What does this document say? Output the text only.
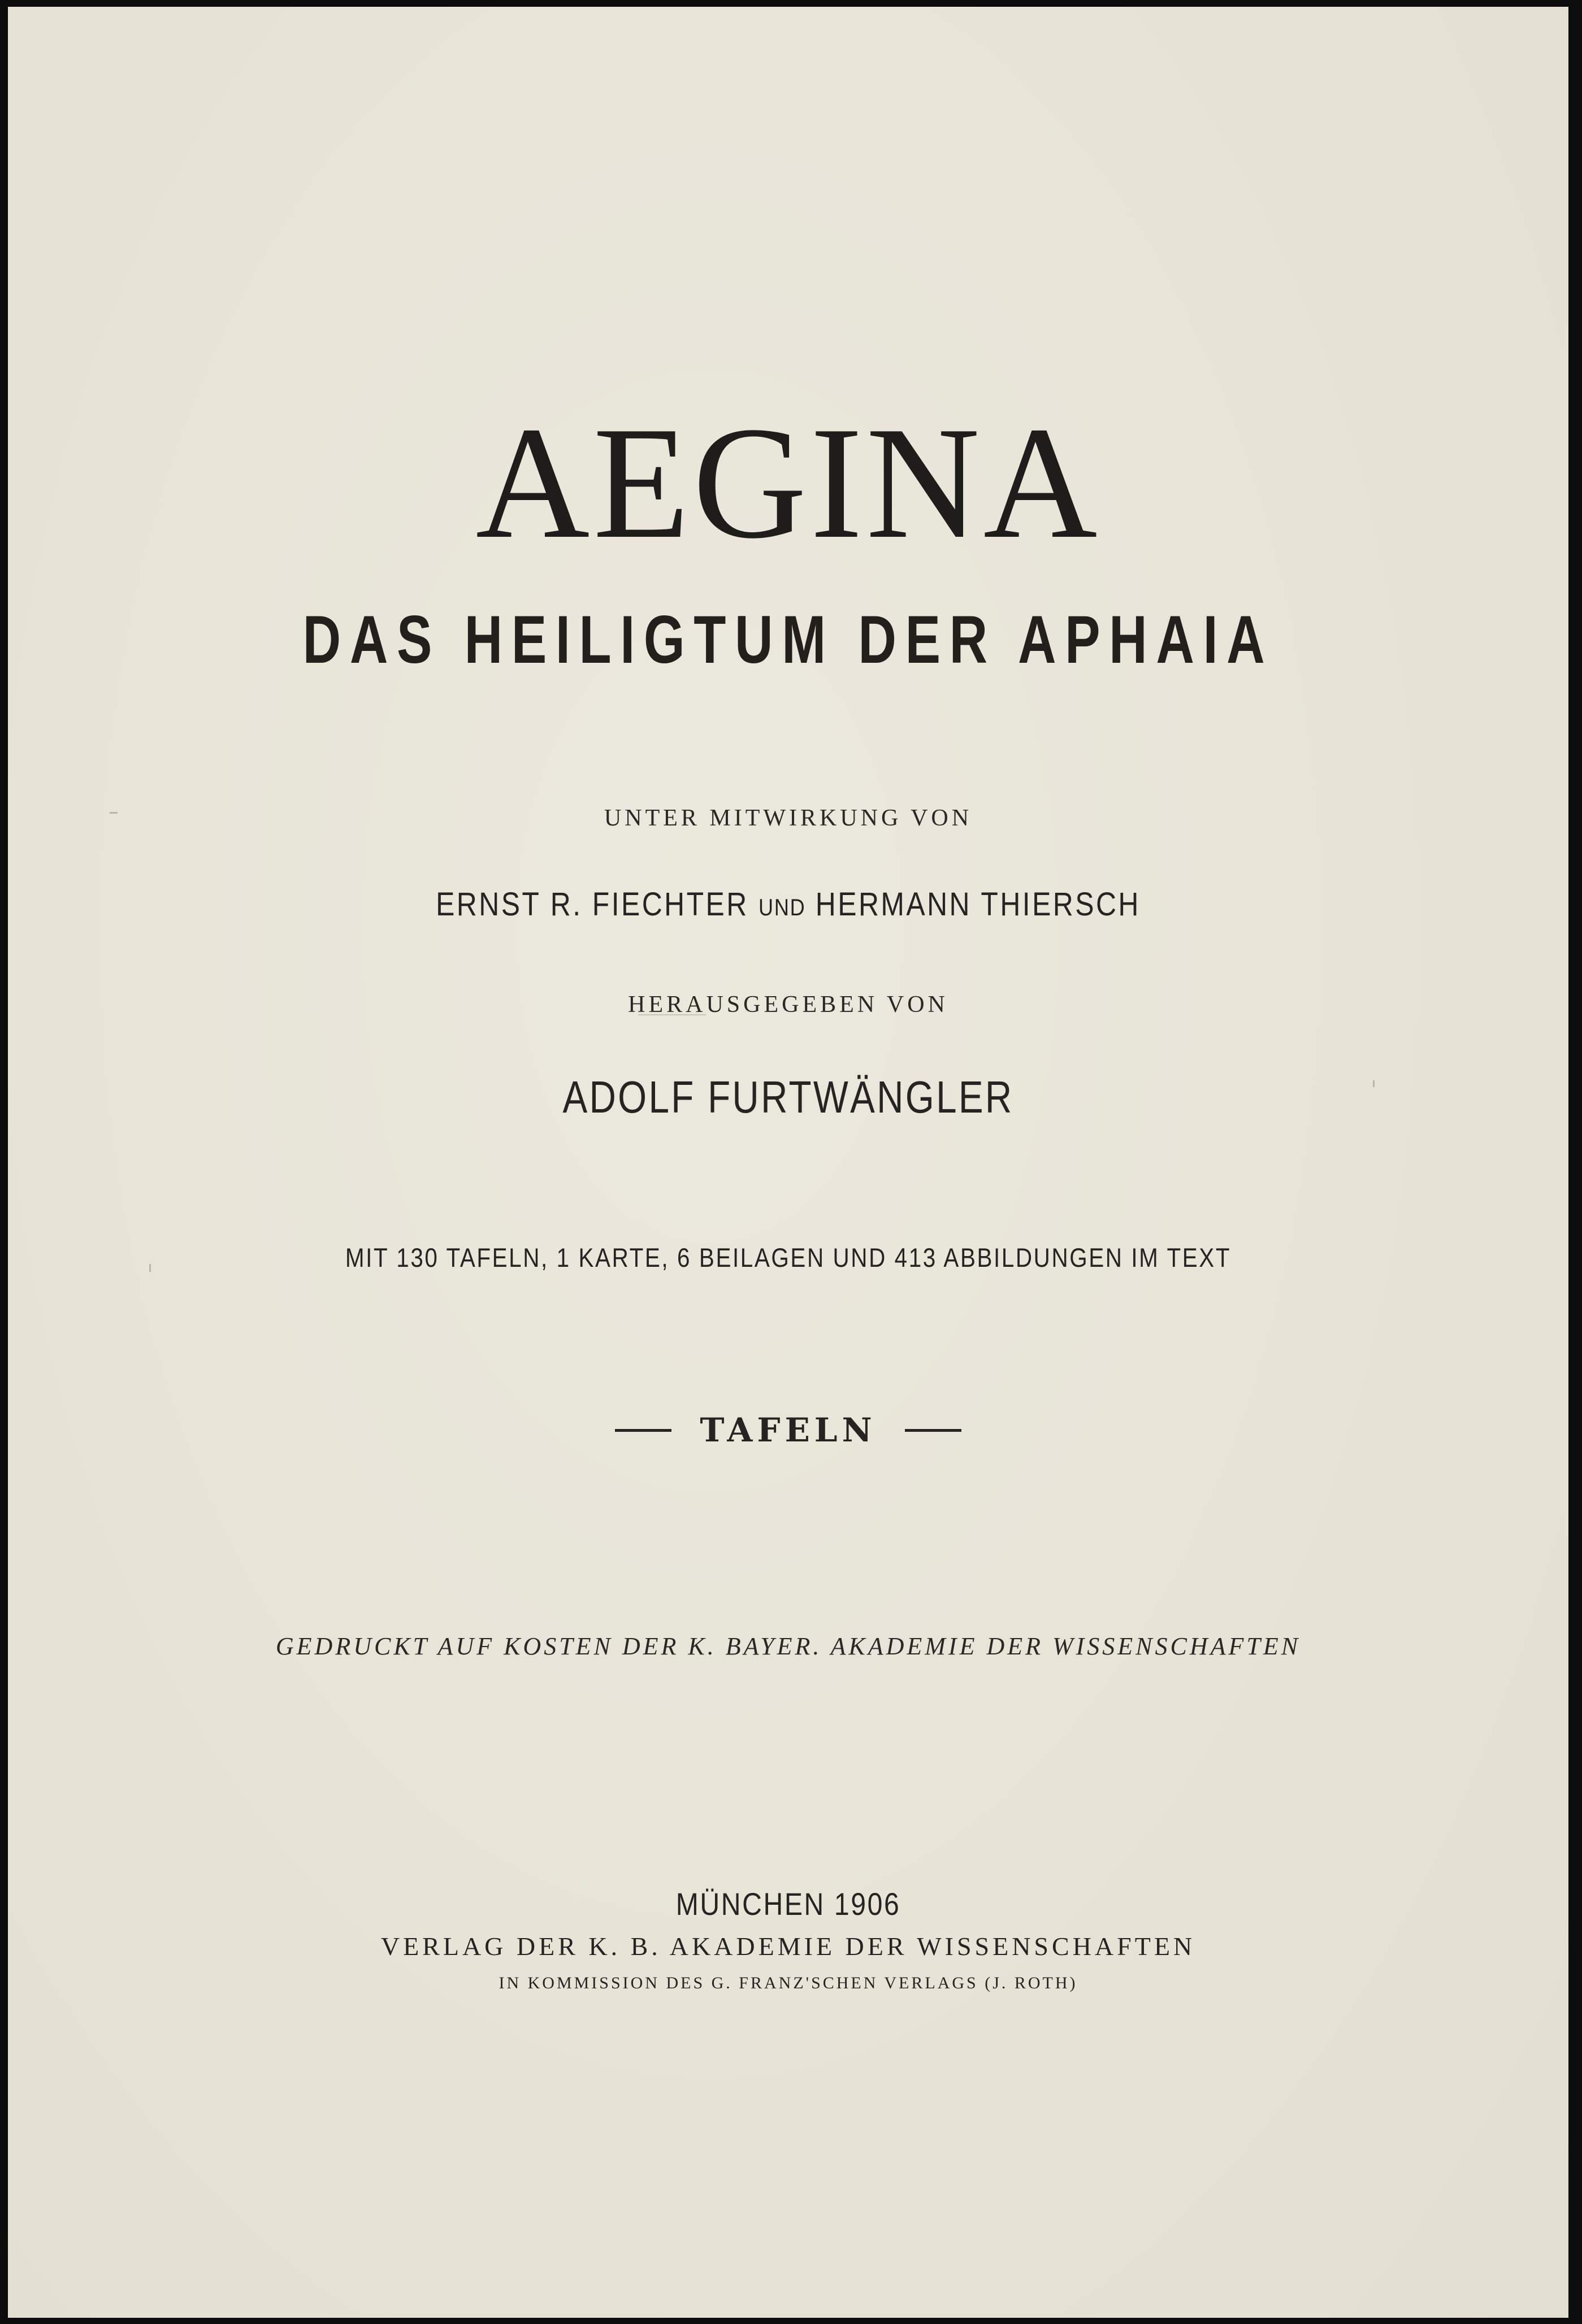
AEGINA
DAS HEILIGTUM DER APHAIA

UNTER MITWIRKUNG VON

ERNST R. FIECHTER UND HERMANN THIERSCH

HERAUSGEGEBEN VON

ADOLF FURTWÄNGLER

MIT 130 TAFELN, 1 KARTE, 6 BEILAGEN UND 413 ABBILDUNGEN IM TEXT

TAFELN

GEDRUCKT AUF KOSTEN DER K. BAYER. AKADEMIE DER WISSENSCHAFTEN

MÜNCHEN 1906

VERLAG DER K. B. AKADEMIE DER WISSENSCHAFTEN

IN KOMMISSION DES G. FRANZ'SCHEN VERLAGS (J. ROTH)
